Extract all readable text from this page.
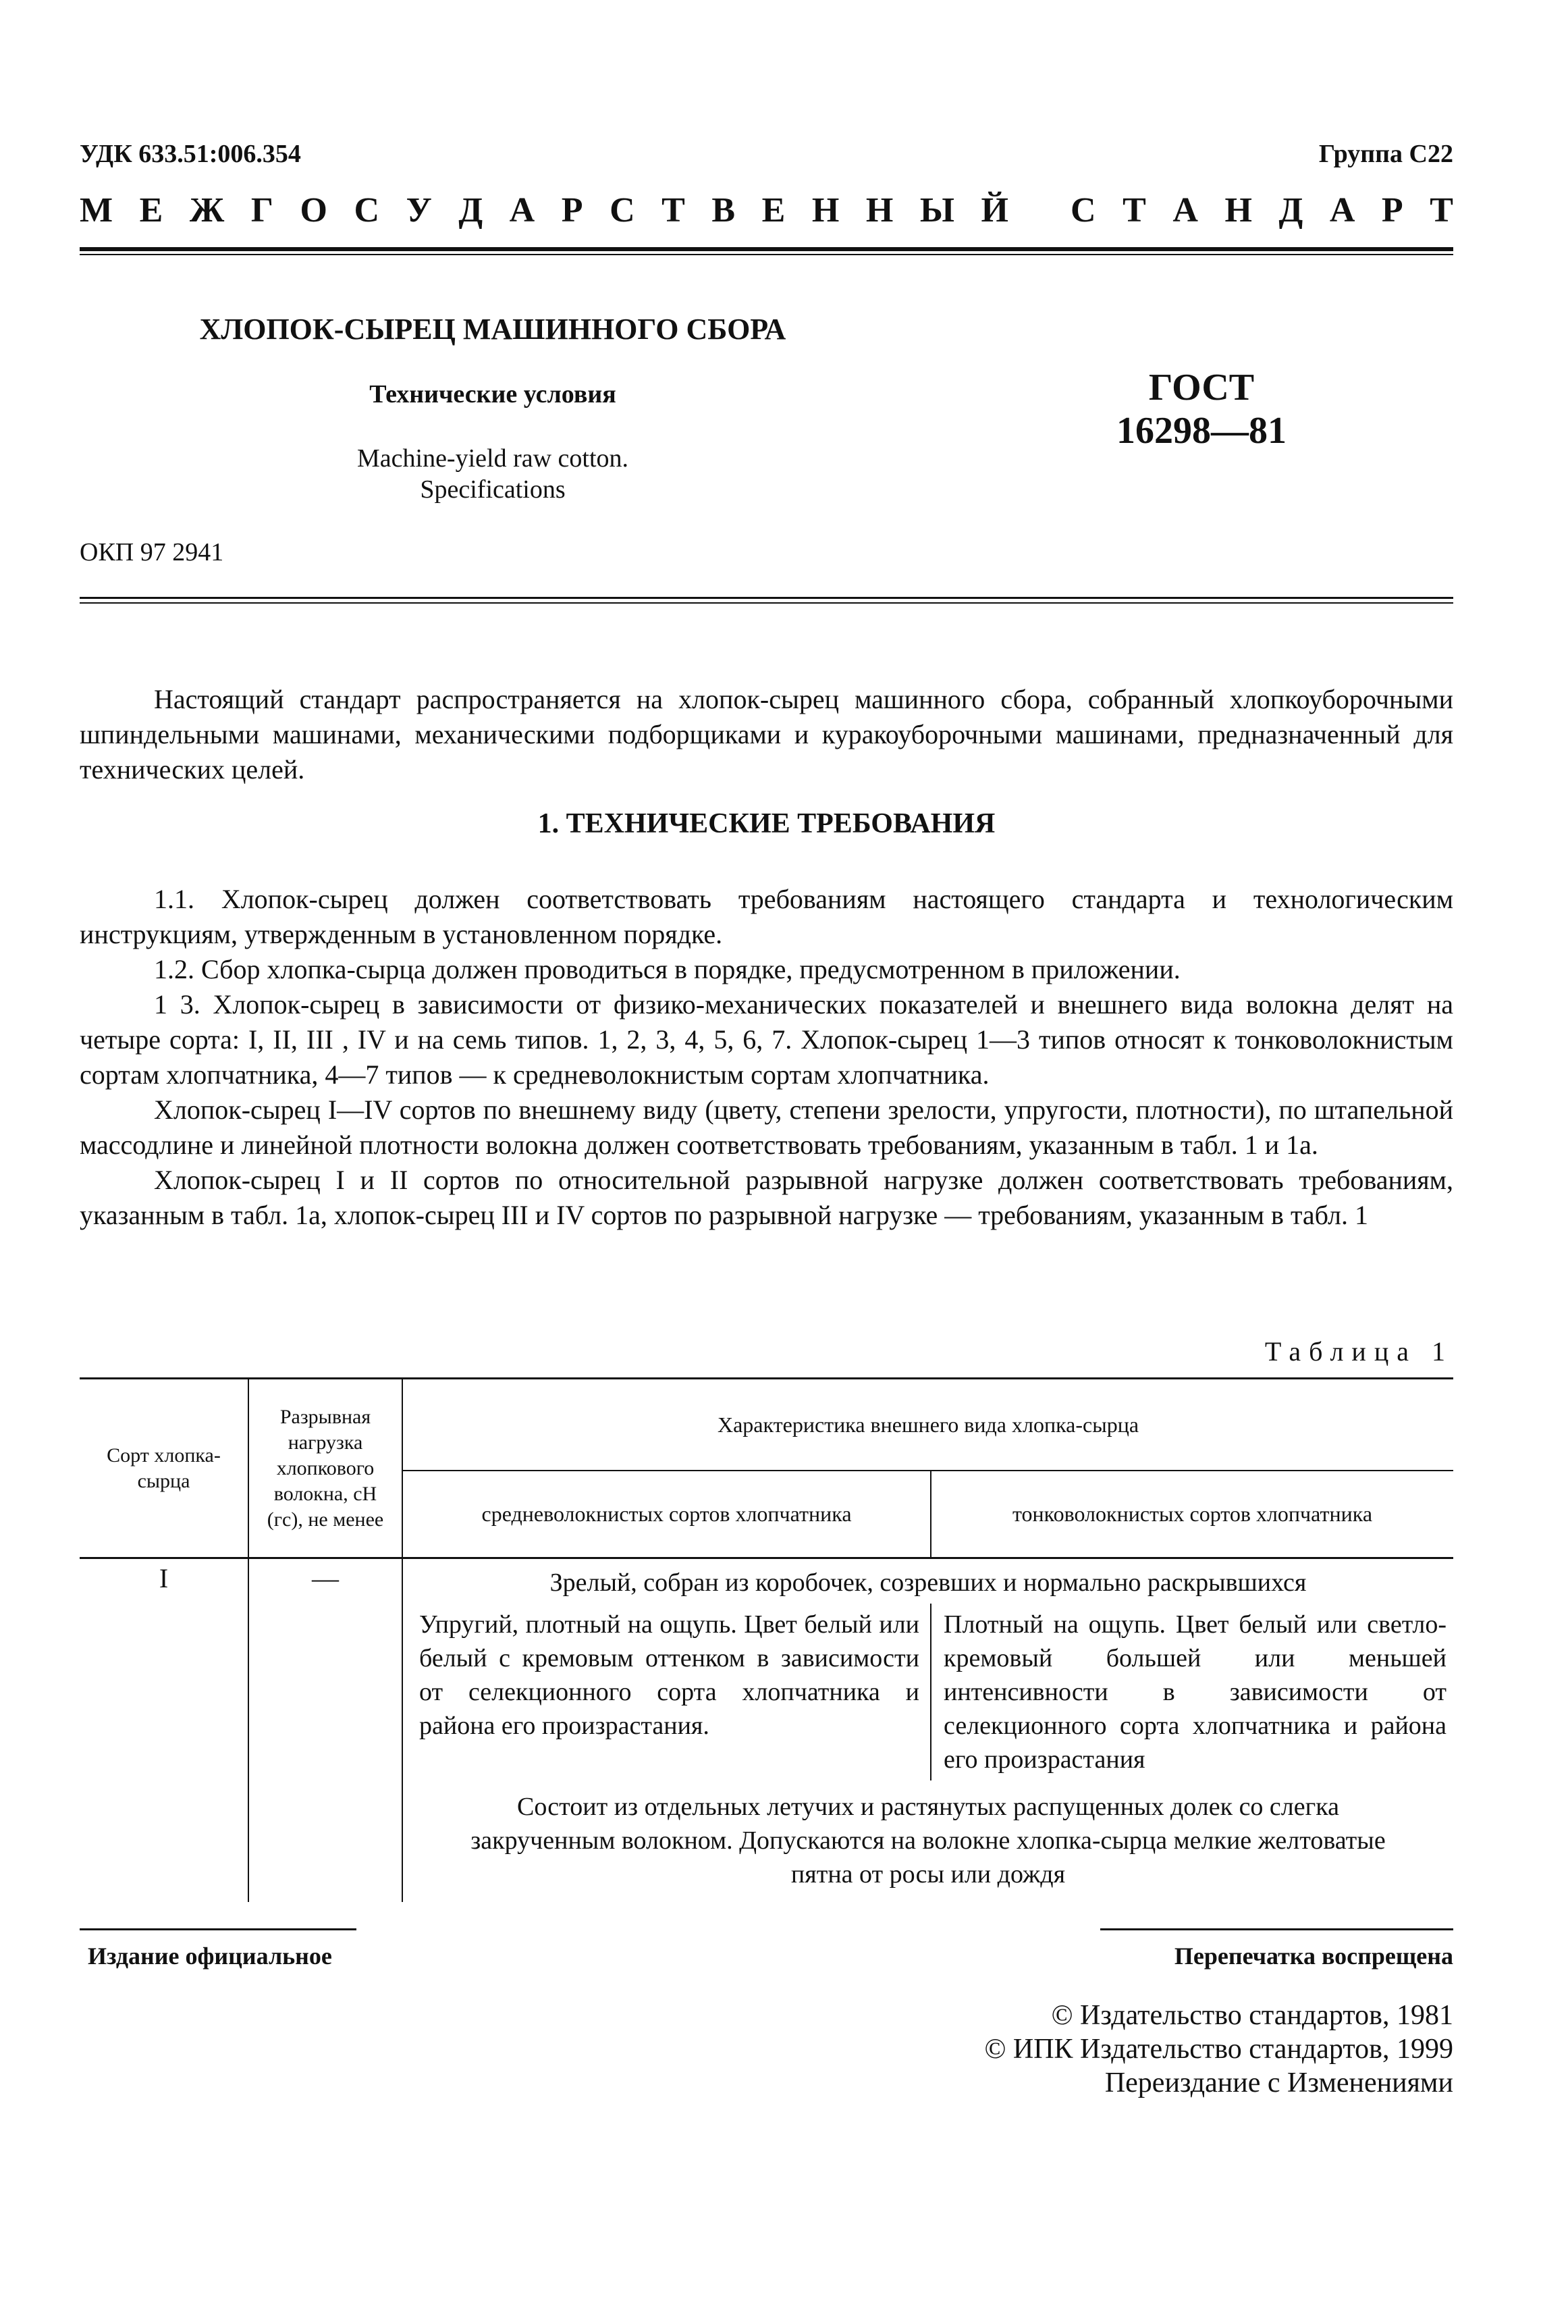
УДК 633.51:006.354	Группа С22
М Е Ж Г О С У Д А Р С Т В Е Н Н Ы Й
С Т А Н Д А Р Т
ХЛОПОК-СЫРЕЦ МАШИННОГО СБОРА
Технические условия
Machine-yield raw cotton.
Specifications
ГОСТ
16298—81
ОКП 97 2941

Настоящий стандарт распространяется на хлопок-сырец машинного сбора, собранный хлопкоуборочными шпиндельными машинами, механическими подборщиками и куракоуборочными машинами, предназначенный для технических целей.

1. ТЕХНИЧЕСКИЕ ТРЕБОВАНИЯ

1.1. Хлопок-сырец должен соответствовать требованиям настоящего стандарта и технологическим инструкциям, утвержденным в установленном порядке.

1.2. Сбор хлопка-сырца должен проводиться в порядке, предусмотренном в приложении.

1 3. Хлопок-сырец в зависимости от физико-механических показателей и внешнего вида волокна делят на четыре сорта: I, II, III , IV и на семь типов. 1, 2, 3, 4, 5, 6, 7. Хлопок-сырец 1—3 типов относят к тонковолокнистым сортам хлопчатника, 4—7 типов — к средневолокнистым сортам хлопчатника.

Хлопок-сырец I—IV сортов по внешнему виду (цвету, степени зрелости, упругости, плотности), по штапельной массодлине и линейной плотности волокна должен соответствовать требованиям, указанным в табл. 1 и 1а.

Хлопок-сырец I и II сортов по относительной разрывной нагрузке должен соответствовать требованиям, указанным в табл. 1а, хлопок-сырец III и IV сортов по разрывной нагрузке — требованиям, указанным в табл. 1

Таблица 1
Сорт хлопка-сырца	Разрывная нагрузка хлопкового волокна, сН (гс), не менее	Характеристика внешнего вида хлопка-сырца	
		средневолокнистых сортов хлопчатника	тонковолокнистых сортов хлопчатника
I	—	Зрелый, собран из коробочек, созревших и нормально раскрывшихся	
		Упругий, плотный на ощупь. Цвет белый или белый с кремовым оттенком в зависимости от селекционного сорта хлопчатника и района его произрастания.	Плотный на ощупь. Цвет белый или светло-кремовый большей или меньшей интенсивности в зависимости от селекционного сорта хлопчатника и района его произрастания
		Состоит из отдельных летучих и растянутых распущенных долек со слегка закрученным волокном. Допускаются на волокне хлопка-сырца мелкие желтоватые пятна от росы или дождя	
Издание официальное	Перепечатка воспрещена
© Издательство стандартов, 1981
© ИПК Издательство стандартов, 1999
Переиздание с Изменениями
